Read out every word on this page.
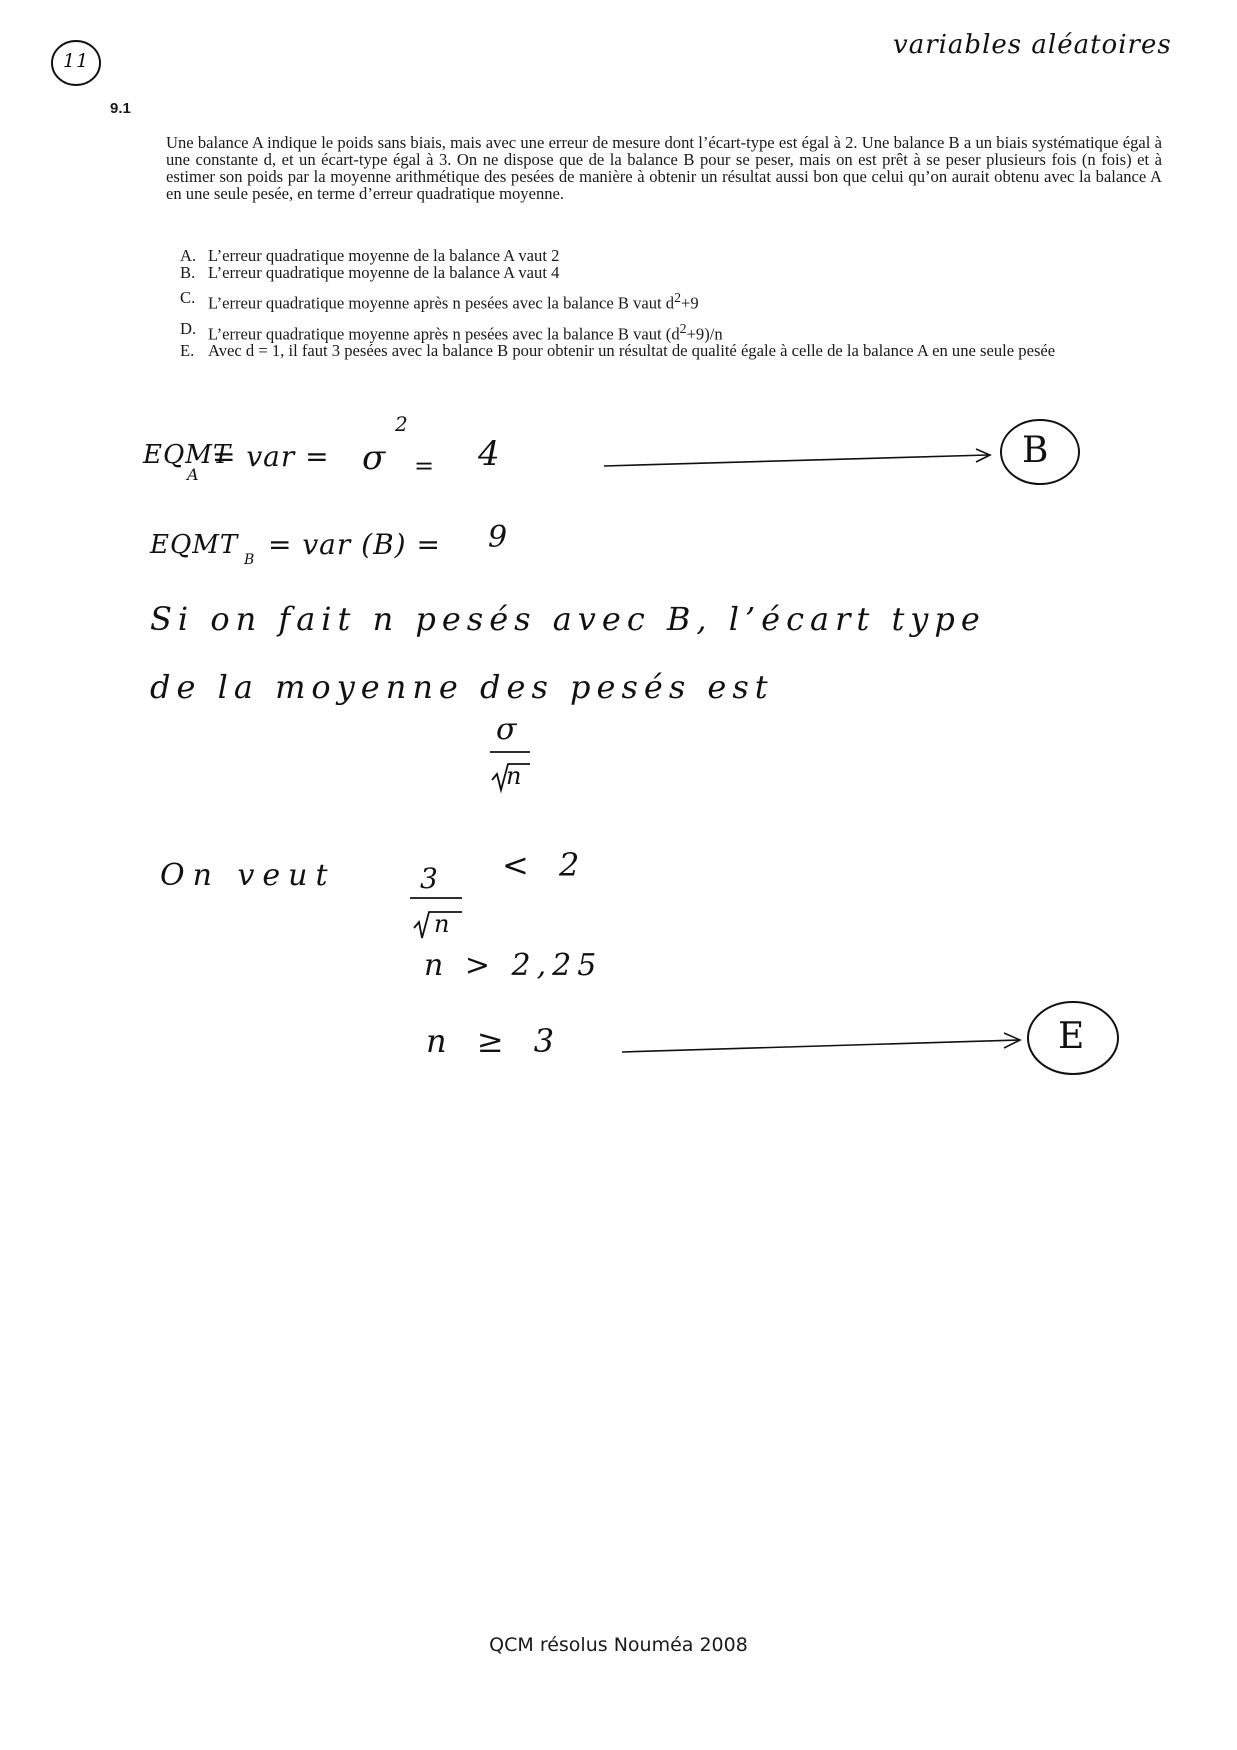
11
variables aléatoires
9.1

Une balance A indique le poids sans biais, mais avec une erreur de mesure dont l’écart-type est égal à 2. Une balance B a un biais systématique égal à une constante d, et un écart-type égal à 3. On ne dispose que de la balance B pour se peser, mais on est prêt à se peser plusieurs fois (n fois) et à estimer son poids par la moyenne arithmétique des pesées de manière à obtenir un résultat aussi bon que celui qu’on aurait obtenu avec la balance A en une seule pesée, en terme d’erreur quadratique moyenne.

A. L’erreur quadratique moyenne de la balance A vaut 2
B. L’erreur quadratique moyenne de la balance A vaut 4
C. L’erreur quadratique moyenne après n pesées avec la balance B vaut $d^2+9$
D. L’erreur quadratique moyenne après n pesées avec la balance B vaut $(d^2+9)/n$
E. Avec d = 1, il faut 3 pesées avec la balance B pour obtenir un résultat de qualité égale à celle de la balance A en une seule pesée
EQMT
A
= var = σ
2
= 4	B
EQMT B = var (B) = 9
Si on fait n pesés avec B, l’écart type
de la moyenne des pesés est
σ
n
On veut	3
n
< 2
n > 2,25
n ≥ 3	E
QCM résolus Nouméa 2008
